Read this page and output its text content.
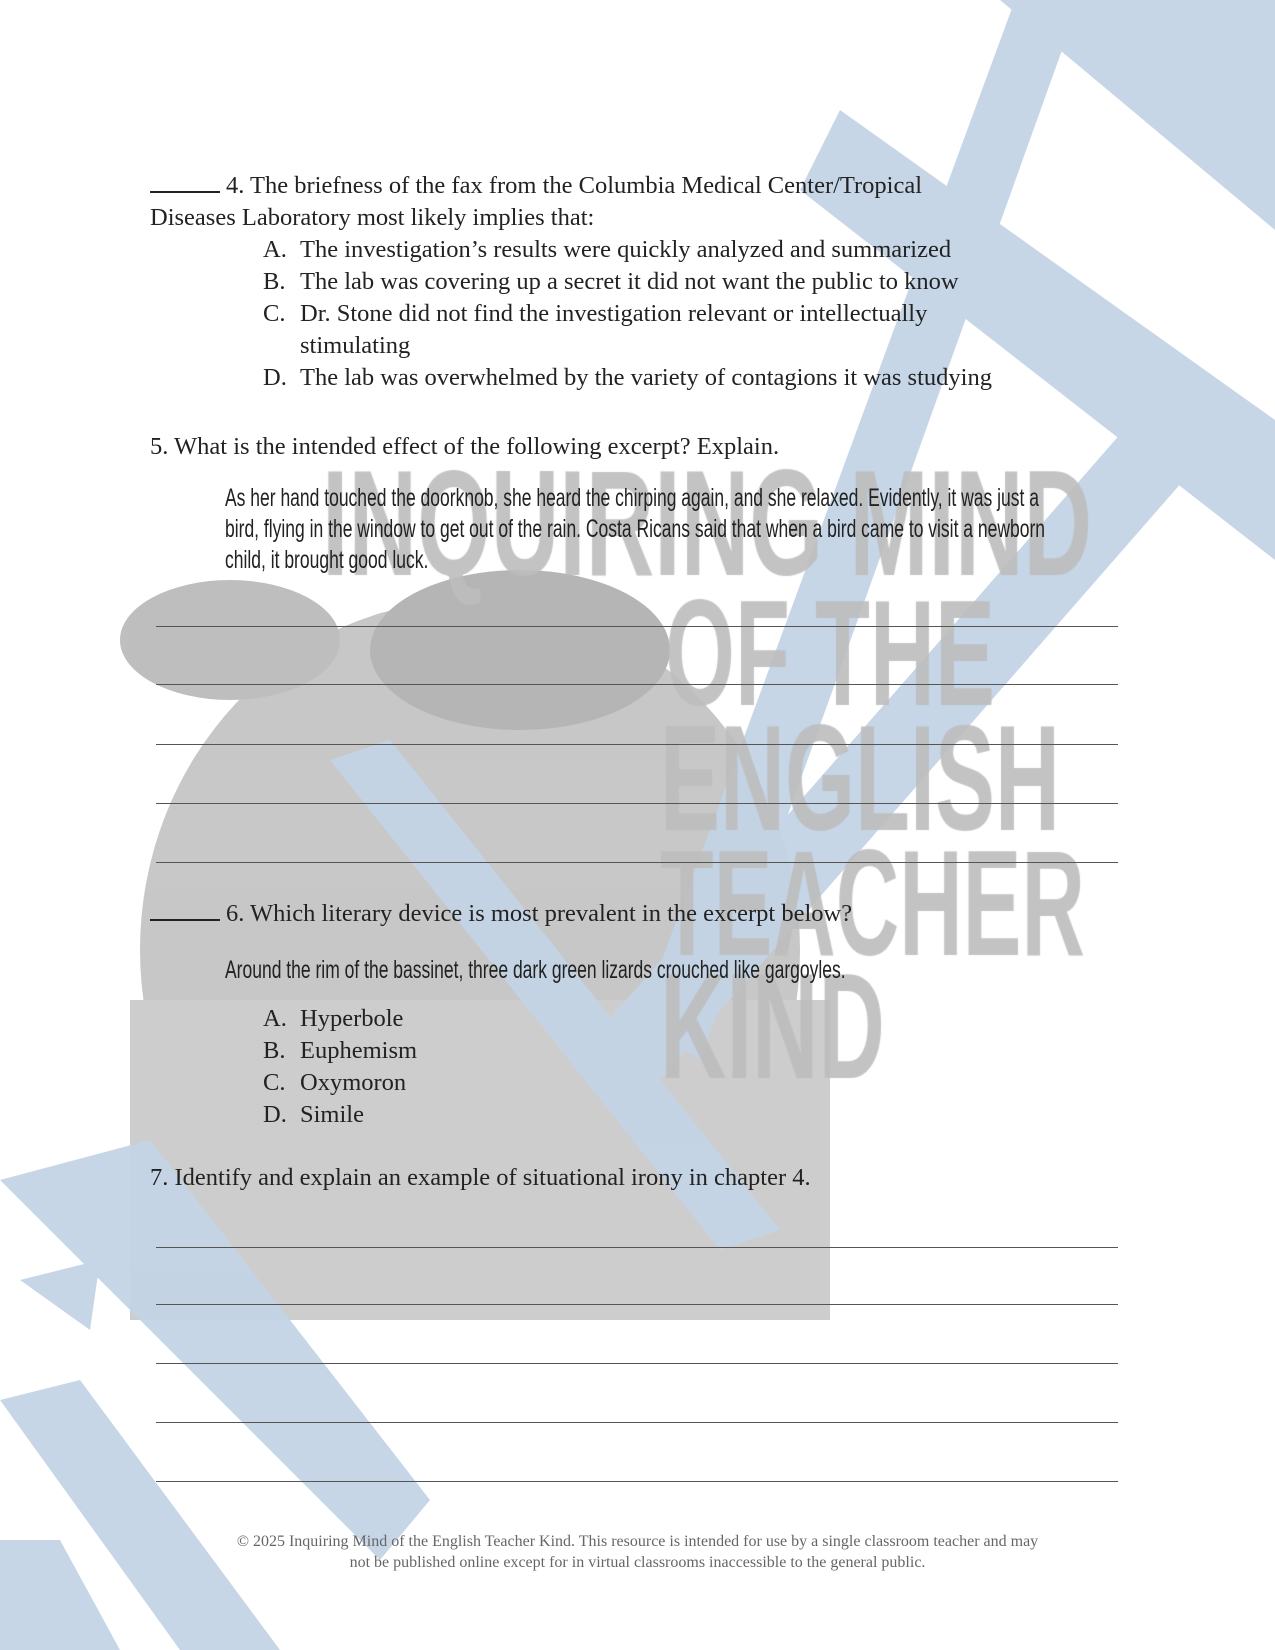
4. The briefness of the fax from the Columbia Medical Center/Tropical
Diseases Laboratory most likely implies that:
A. The investigation’s results were quickly analyzed and summarized
B. The lab was covering up a secret it did not want the public to know
C. Dr. Stone did not find the investigation relevant or intellectually
stimulating
D. The lab was overwhelmed by the variety of contagions it was studying
5. What is the intended effect of the following excerpt? Explain.
As her hand touched the doorknob, she heard the chirping again, and she relaxed. Evidently, it was just a
bird, flying in the window to get out of the rain. Costa Ricans said that when a bird came to visit a newborn
child, it brought good luck.
6. Which literary device is most prevalent in the excerpt below?
Around the rim of the bassinet, three dark green lizards crouched like gargoyles.
A. Hyperbole
B. Euphemism
C. Oxymoron
D. Simile
7. Identify and explain an example of situational irony in chapter 4.
© 2025 Inquiring Mind of the English Teacher Kind. This resource is intended for use by a single classroom teacher and may
not be published online except for in virtual classrooms inaccessible to the general public.
